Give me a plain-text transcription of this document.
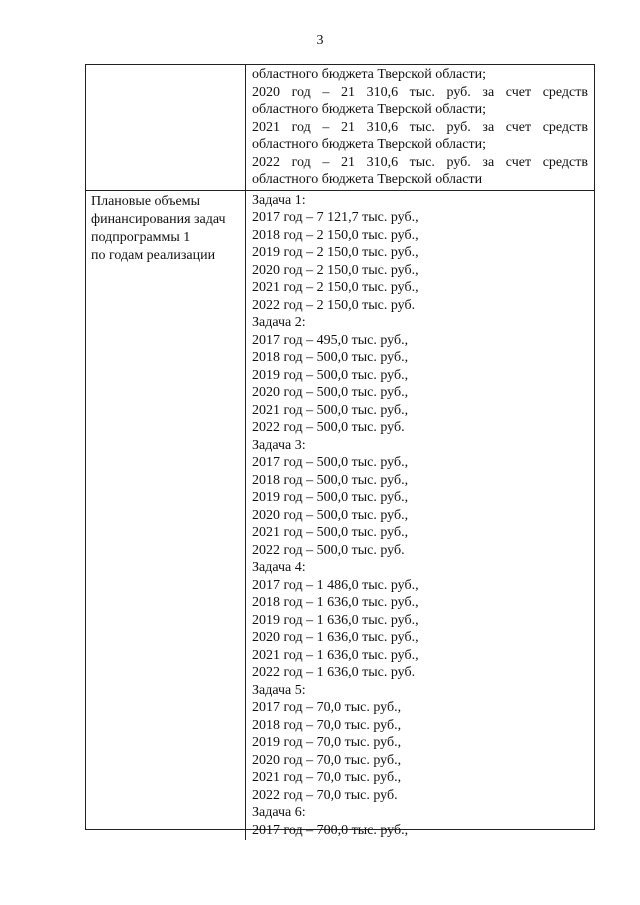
3
областного бюджета Тверской области;
2020 год – 21 310,6 тыс. руб. за счет средств
областного бюджета Тверской области;
2021 год – 21 310,6 тыс. руб. за счет средств
областного бюджета Тверской области;
2022 год – 21 310,6 тыс. руб. за счет средств
областного бюджета Тверской области
Плановые объемы
финансирования задач
подпрограммы 1
по годам реализации
Задача 1:
2017 год – 7 121,7 тыс. руб.,
2018 год – 2 150,0 тыс. руб.,
2019 год – 2 150,0 тыс. руб.,
2020 год – 2 150,0 тыс. руб.,
2021 год – 2 150,0 тыс. руб.,
2022 год – 2 150,0 тыс. руб.
Задача 2:
2017 год – 495,0 тыс. руб.,
2018 год – 500,0 тыс. руб.,
2019 год – 500,0 тыс. руб.,
2020 год – 500,0 тыс. руб.,
2021 год – 500,0 тыс. руб.,
2022 год – 500,0 тыс. руб.
Задача 3:
2017 год – 500,0 тыс. руб.,
2018 год – 500,0 тыс. руб.,
2019 год – 500,0 тыс. руб.,
2020 год – 500,0 тыс. руб.,
2021 год – 500,0 тыс. руб.,
2022 год – 500,0 тыс. руб.
Задача 4:
2017 год – 1 486,0 тыс. руб.,
2018 год – 1 636,0 тыс. руб.,
2019 год – 1 636,0 тыс. руб.,
2020 год – 1 636,0 тыс. руб.,
2021 год – 1 636,0 тыс. руб.,
2022 год – 1 636,0 тыс. руб.
Задача 5:
2017 год – 70,0 тыс. руб.,
2018 год – 70,0 тыс. руб.,
2019 год – 70,0 тыс. руб.,
2020 год – 70,0 тыс. руб.,
2021 год – 70,0 тыс. руб.,
2022 год – 70,0 тыс. руб.
Задача 6:
2017 год – 700,0 тыс. руб.,
